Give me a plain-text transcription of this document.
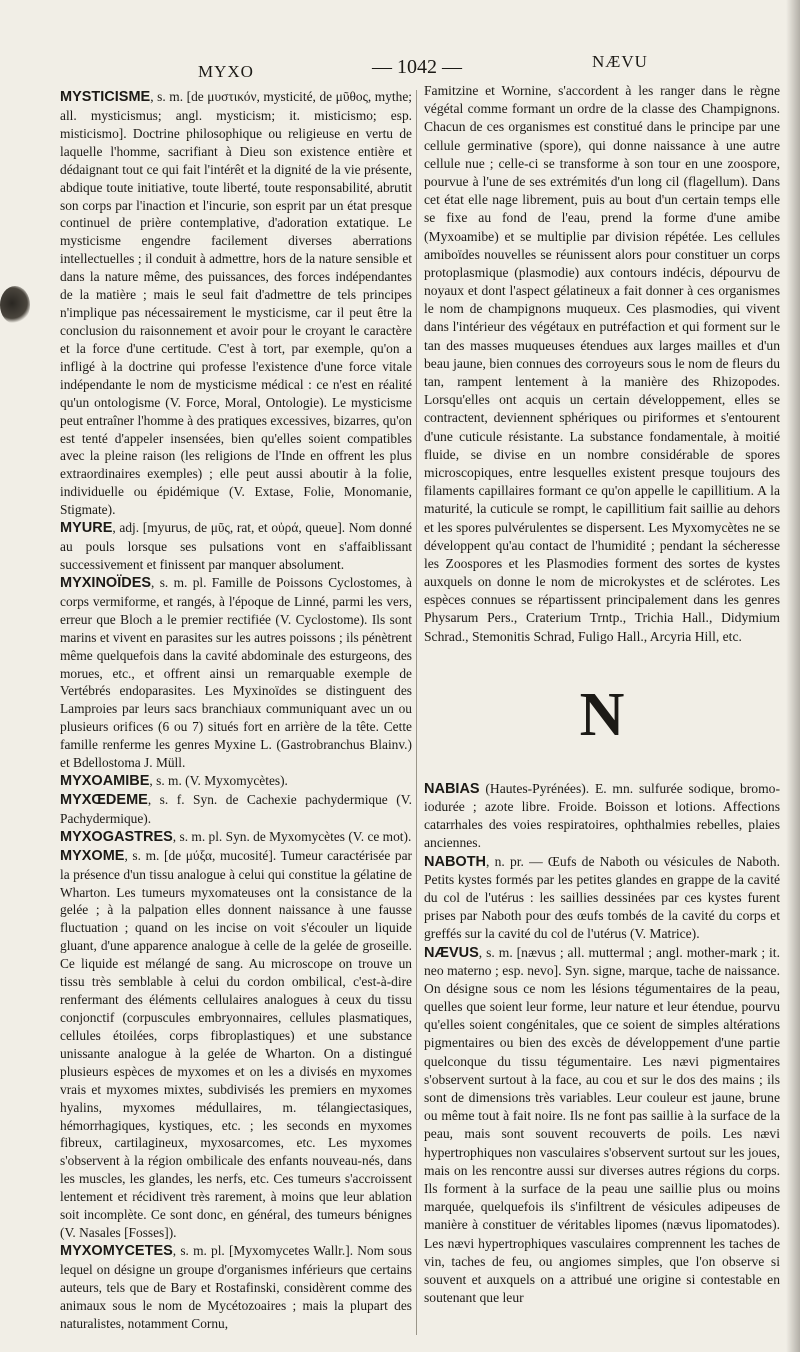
MYXO	— 1042 —	NÆVU

MYSTICISME, s. m. [de μυστικόν, mysticité, de μῦθος, mythe; all. mysticismus; angl. mysticism; it. misticismo; esp. misticismo]. Doctrine philosophique ou religieuse en vertu de laquelle l'homme, sacrifiant à Dieu son existence entière et dédaignant tout ce qui fait l'intérêt et la dignité de la vie présente, abdique toute initiative, toute liberté, toute responsabilité, abrutit son corps par l'inaction et l'incurie, son esprit par un état presque continuel de prière contemplative, d'adoration extatique. Le mysticisme engendre facilement diverses aberrations intellectuelles ; il conduit à admettre, hors de la nature sensible et dans la nature même, des puissances, des forces indépendantes de la matière ; mais le seul fait d'admettre de tels principes n'implique pas nécessairement le mysticisme, car il peut être la conclusion du raisonnement et avoir pour le croyant le caractère et la force d'une certitude. C'est à tort, par exemple, qu'on a infligé à la doctrine qui professe l'existence d'une force vitale indépendante le nom de mysticisme médical : ce n'est en réalité qu'un ontologisme (V. Force, Moral, Ontologie). Le mysticisme peut entraîner l'homme à des pratiques excessives, bizarres, qu'on est tenté d'appeler insensées, bien qu'elles soient compatibles avec la pleine raison (les religions de l'Inde en offrent les plus extraordinaires exemples) ; elle peut aussi aboutir à la folie, individuelle ou épidémique (V. Extase, Folie, Monomanie, Stigmate).

MYURE, adj. [myurus, de μῦς, rat, et οὐρά, queue]. Nom donné au pouls lorsque ses pulsations vont en s'affaiblissant successivement et finissent par manquer absolument.

MYXINOÏDES, s. m. pl. Famille de Poissons Cyclostomes, à corps vermiforme, et rangés, à l'époque de Linné, parmi les vers, erreur que Bloch a le premier rectifiée (V. Cyclostome). Ils sont marins et vivent en parasites sur les autres poissons ; ils pénètrent même quelquefois dans la cavité abdominale des esturgeons, des morues, etc., et offrent ainsi un remarquable exemple de Vertébrés endoparasites. Les Myxinoïdes se distinguent des Lamproies par leurs sacs branchiaux communiquant avec un ou plusieurs orifices (6 ou 7) situés fort en arrière de la tête. Cette famille renferme les genres Myxine L. (Gastrobranchus Blainv.) et Bdellostoma J. Müll.

MYXOAMIBE, s. m. (V. Myxomycètes).

MYXŒDEME, s. f. Syn. de Cachexie pachydermique (V. Pachydermique).

MYXOGASTRES, s. m. pl. Syn. de Myxomycètes (V. ce mot).

MYXOME, s. m. [de μύξα, mucosité]. Tumeur caractérisée par la présence d'un tissu analogue à celui qui constitue la gélatine de Wharton. Les tumeurs myxomateuses ont la consistance de la gelée ; à la palpation elles donnent naissance à une fausse fluctuation ; quand on les incise on voit s'écouler un liquide gluant, d'une apparence analogue à celle de la gelée de groseille. Ce liquide est mélangé de sang. Au microscope on trouve un tissu très semblable à celui du cordon ombilical, c'est-à-dire renfermant des éléments cellulaires analogues à ceux du tissu conjonctif (corpuscules embryonnaires, cellules plasmatiques, cellules étoilées, corps fibroplastiques) et une substance unissante analogue à la gelée de Wharton. On a distingué plusieurs espèces de myxomes et on les a divisés en myxomes vrais et myxomes mixtes, subdivisés les premiers en myxomes hyalins, myxomes médullaires, m. télangiectasiques, hémorrhagiques, kystiques, etc. ; les seconds en myxomes fibreux, cartilagineux, myxosarcomes, etc. Les myxomes s'observent à la région ombilicale des enfants nouveau-nés, dans les muscles, les glandes, les nerfs, etc. Ces tumeurs s'accroissent lentement et récidivent très rarement, à moins que leur ablation soit incomplète. Ce sont donc, en général, des tumeurs bénignes (V. Nasales [Fosses]).

MYXOMYCETES, s. m. pl. [Myxomycetes Wallr.]. Nom sous lequel on désigne un groupe d'organismes inférieurs que certains auteurs, tels que de Bary et Rostafinski, considèrent comme des animaux sous le nom de Mycétozoaires ; mais la plupart des naturalistes, notamment Cornu,

Famitzine et Wornine, s'accordent à les ranger dans le règne végétal comme formant un ordre de la classe des Champignons. Chacun de ces organismes est constitué dans le principe par une cellule germinative (spore), qui donne naissance à une autre cellule nue ; celle-ci se transforme à son tour en une zoospore, pourvue à l'une de ses extrémités d'un long cil (flagellum). Dans cet état elle nage librement, puis au bout d'un certain temps elle se fixe au fond de l'eau, prend la forme d'une amibe (Myxoamibe) et se multiplie par division répétée. Les cellules amiboïdes nouvelles se réunissent alors pour constituer un corps protoplasmique (plasmodie) aux contours indécis, dépourvu de noyaux et dont l'aspect gélatineux a fait donner à ces organismes le nom de champignons muqueux. Ces plasmodies, qui vivent dans l'intérieur des végétaux en putréfaction et qui forment sur le tan des masses muqueuses étendues aux larges mailles et d'un beau jaune, bien connues des corroyeurs sous le nom de fleurs du tan, rampent lentement à la manière des Rhizopodes. Lorsqu'elles ont acquis un certain développement, elles se contractent, deviennent sphériques ou piriformes et s'entourent d'une cuticule résistante. La substance fondamentale, à moitié fluide, se divise en un nombre considérable de spores microscopiques, entre lesquelles existent presque toujours des filaments capillaires formant ce qu'on appelle le capillitium. A la maturité, la cuticule se rompt, le capillitium fait saillie au dehors et les spores pulvérulentes se dispersent. Les Myxomycètes ne se développent qu'au contact de l'humidité ; pendant la sécheresse les Zoospores et les Plasmodies forment des sortes de kystes auxquels on donne le nom de microkystes et de sclérotes. Les espèces connues se répartissent principalement dans les genres Physarum Pers., Craterium Trntp., Trichia Hall., Didymium Schrad., Stemonitis Schrad, Fuligo Hall., Arcyria Hill, etc.

N

NABIAS (Hautes-Pyrénées). E. mn. sulfurée sodique, bromo-iodurée ; azote libre. Froide. Boisson et lotions. Affections catarrhales des voies respiratoires, ophthalmies rebelles, plaies anciennes.

NABOTH, n. pr. — Œufs de Naboth ou vésicules de Naboth. Petits kystes formés par les petites glandes en grappe de la cavité du col de l'utérus : les saillies dessinées par ces kystes furent prises par Naboth pour des œufs tombés de la cavité du corps et greffés sur la cavité du col de l'utérus (V. Matrice).

NÆVUS, s. m. [nævus ; all. muttermal ; angl. mother-mark ; it. neo materno ; esp. nevo]. Syn. signe, marque, tache de naissance. On désigne sous ce nom les lésions tégumentaires de la peau, quelles que soient leur forme, leur nature et leur étendue, pourvu qu'elles soient congénitales, que ce soient de simples altérations pigmentaires ou bien des excès de développement d'une partie quelconque du tissu tégumentaire. Les nævi pigmentaires s'observent surtout à la face, au cou et sur le dos des mains ; ils sont de dimensions très variables. Leur couleur est jaune, brune ou même tout à fait noire. Ils ne font pas saillie à la surface de la peau, mais sont souvent recouverts de poils. Les nævi hypertrophiques non vasculaires s'observent surtout sur les joues, mais on les rencontre aussi sur diverses autres régions du corps. Ils forment à la surface de la peau une saillie plus ou moins marquée, quelquefois ils s'infiltrent de vésicules adipeuses de manière à constituer de véritables lipomes (nævus lipomatodes). Les nævi hypertrophiques vasculaires comprennent les taches de vin, taches de feu, ou angiomes simples, que l'on observe si souvent et auxquels on a attribué une origine si contestable en soutenant que leur
